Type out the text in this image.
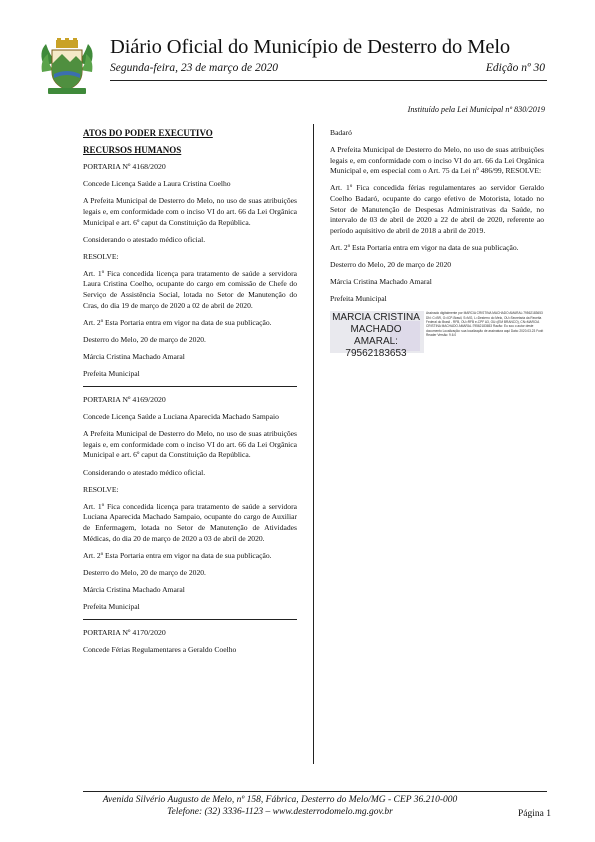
Diário Oficial do Município de Desterro do Melo
Segunda-feira, 23 de março de 2020	Edição nº 30
Instituído pela Lei Municipal nº 830/2019

ATOS DO PODER EXECUTIVO

RECURSOS HUMANOS

PORTARIA Nº 4168/2020

Concede Licença Saúde a Laura Cristina Coelho

A Prefeita Municipal de Desterro do Melo, no uso de suas atribuições legais e, em conformidade com o inciso VI do art. 66 da Lei Orgânica Municipal e art. 6º caput da Constituição da República.

Considerando o atestado médico oficial.

RESOLVE:

Art. 1º Fica concedida licença para tratamento de saúde a servidora Laura Cristina Coelho, ocupante do cargo em comissão de Chefe do Serviço de Assistência Social, lotada no Setor de Manutenção do Cras, do dia 19 de março de 2020 a 02 de abril de 2020.

Art. 2º Esta Portaria entra em vigor na data de sua publicação.

Desterro do Melo, 20 de março de 2020.

Márcia Cristina Machado Amaral

Prefeita Municipal

PORTARIA Nº 4169/2020

Concede Licença Saúde a Luciana Aparecida Machado Sampaio

A Prefeita Municipal de Desterro do Melo, no uso de suas atribuições legais e, em conformidade com o inciso VI do art. 66 da Lei Orgânica Municipal e art. 6º caput da Constituição da República.

Considerando o atestado médico oficial.

RESOLVE:

Art. 1º Fica concedida licença para tratamento de saúde a servidora Luciana Aparecida Machado Sampaio, ocupante do cargo de Auxiliar de Enfermagem, lotada no Setor de Manutenção de Atividades Médicas, do dia 20 de março de 2020 a 03 de abril de 2020.

Art. 2º Esta Portaria entra em vigor na data de sua publicação.

Desterro do Melo, 20 de março de 2020.

Márcia Cristina Machado Amaral

Prefeita Municipal

PORTARIA Nº 4170/2020

Concede Férias Regulamentares a Geraldo Coelho

Badaró

A Prefeita Municipal de Desterro do Melo, no uso de suas atribuições legais e, em conformidade com o inciso VI do art. 66 da Lei Orgânica Municipal e, em especial com o Art. 75 da Lei nº 486/99, RESOLVE:

Art. 1º Fica concedida férias regulamentares ao servidor Geraldo Coelho Badaró, ocupante do cargo efetivo de Motorista, lotado no Setor de Manutenção de Despesas Administrativas da Saúde, no intervalo de 03 de abril de 2020 a 22 de abril de 2020, referente ao período aquisitivo de abril de 2018 a abril de 2019.

Art. 2º Esta Portaria entra em vigor na data de sua publicação.

Desterro do Melo, 20 de março de 2020

Márcia Cristina Machado Amaral

Prefeita Municipal

MARCIA CRISTINA
MACHADO AMARAL:
79562183653
Assinado digitalmente por MARCIA CRISTINA MACHADO AMARAL:79562183653 DN: C=BR, O=ICP-Brasil, S=MG, L=Desterro do Melo, OU=Secretaria da Receita Federal do Brasil - RFB, OU=RFB e-CPF A3, OU=(EM BRANCO), CN=MARCIA CRISTINA MACHADO AMARAL:79562183653 Razão: Eu sou o autor deste documento Localização: sua localização de assinatura aqui Data: 2020.03.23 Foxit Reader Versão: 9.6.0
Avenida Silvério Augusto de Melo, nº 158, Fábrica, Desterro do Melo/MG - CEP 36.210-000
Telefone: (32) 3336-1123 – www.desterrodomelo.mg.gov.br	Página 1
